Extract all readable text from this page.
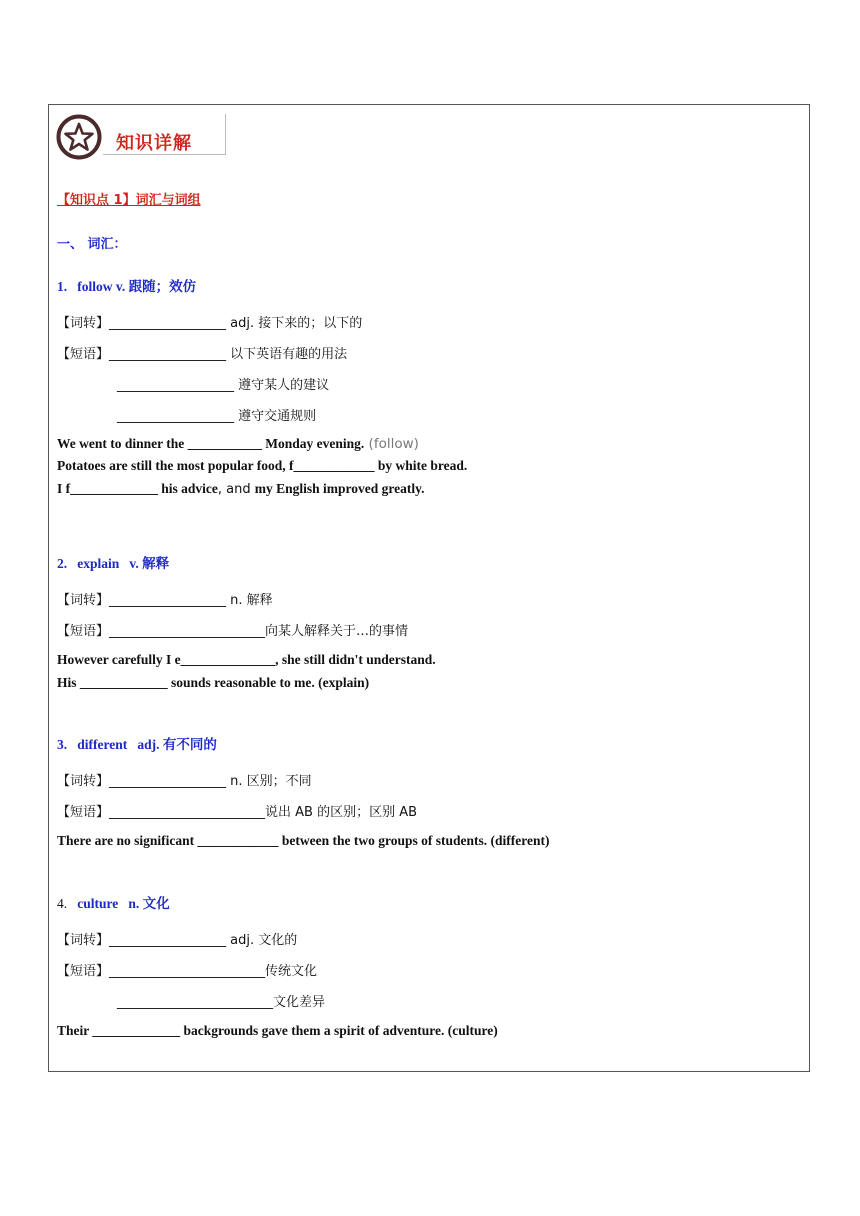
知识详解
【知识点 1】词汇与词组
一、 词汇：
1.   follow v. 跟随；效仿
【词转】__________________ adj. 接下来的；以下的
【短语】__________________ 以下英语有趣的用法
__________________ 遵守某人的建议
__________________ 遵守交通规则
We went to dinner the ___________ Monday evening. (follow)
Potatoes are still the most popular food, f____________ by white bread.
I f_____________ his advice, and my English improved greatly.
2.   explain   v. 解释
【词转】__________________ n. 解释
【短语】________________________向某人解释关于…的事情
However carefully I e______________, she still didn't understand.
His _____________ sounds reasonable to me. (explain)
3.   different   adj. 有不同的
【词转】__________________ n. 区别；不同
【短语】________________________说出 AB 的区别；区别 AB
There are no significant ____________ between the two groups of students. (different)
4.   culture   n. 文化
【词转】__________________ adj. 文化的
【短语】________________________传统文化
________________________文化差异
Their _____________ backgrounds gave them a spirit of adventure. (culture)
